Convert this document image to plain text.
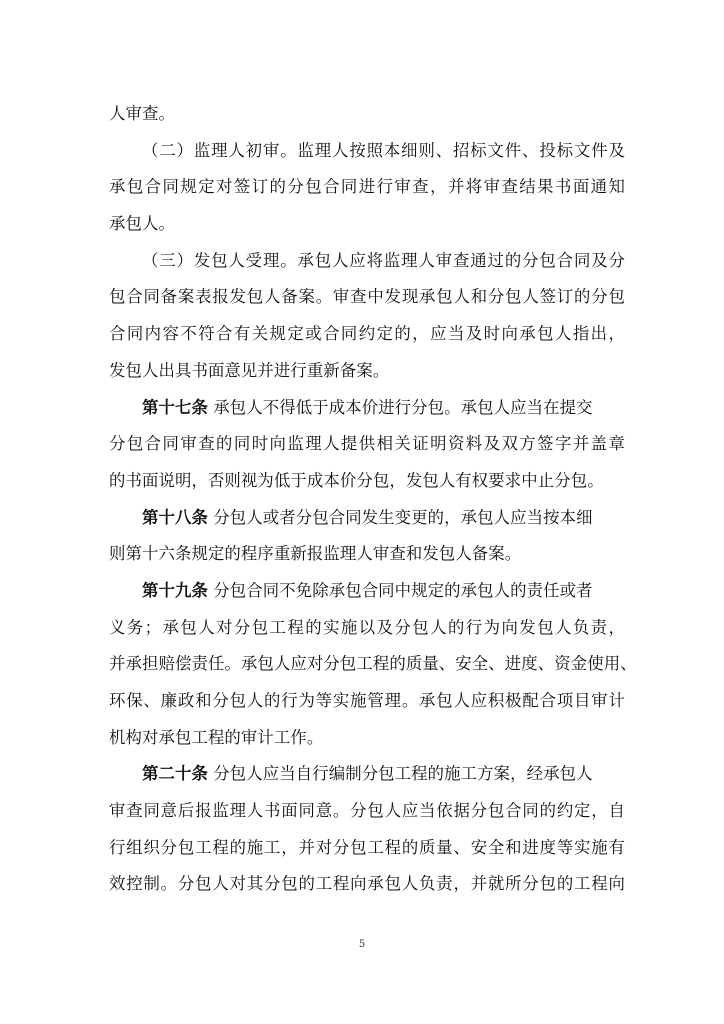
人审查。
（二）监理人初审。监理人按照本细则、招标文件、投标文件及
承包合同规定对签订的分包合同进行审查，并将审查结果书面通知
承包人。
（三）发包人受理。承包人应将监理人审查通过的分包合同及分
包合同备案表报发包人备案。审查中发现承包人和分包人签订的分包
合同内容不符合有关规定或合同约定的，应当及时向承包人指出，
发包人出具书面意见并进行重新备案。
第十七条 承包人不得低于成本价进行分包。承包人应当在提交
分包合同审查的同时向监理人提供相关证明资料及双方签字并盖章
的书面说明，否则视为低于成本价分包，发包人有权要求中止分包。
第十八条 分包人或者分包合同发生变更的，承包人应当按本细
则第十六条规定的程序重新报监理人审查和发包人备案。
第十九条 分包合同不免除承包合同中规定的承包人的责任或者
义务；承包人对分包工程的实施以及分包人的行为向发包人负责，
并承担赔偿责任。承包人应对分包工程的质量、安全、进度、资金使用、
环保、廉政和分包人的行为等实施管理。承包人应积极配合项目审计
机构对承包工程的审计工作。
第二十条 分包人应当自行编制分包工程的施工方案，经承包人
审查同意后报监理人书面同意。分包人应当依据分包合同的约定，自
行组织分包工程的施工，并对分包工程的质量、安全和进度等实施有
效控制。分包人对其分包的工程向承包人负责，并就所分包的工程向
5
